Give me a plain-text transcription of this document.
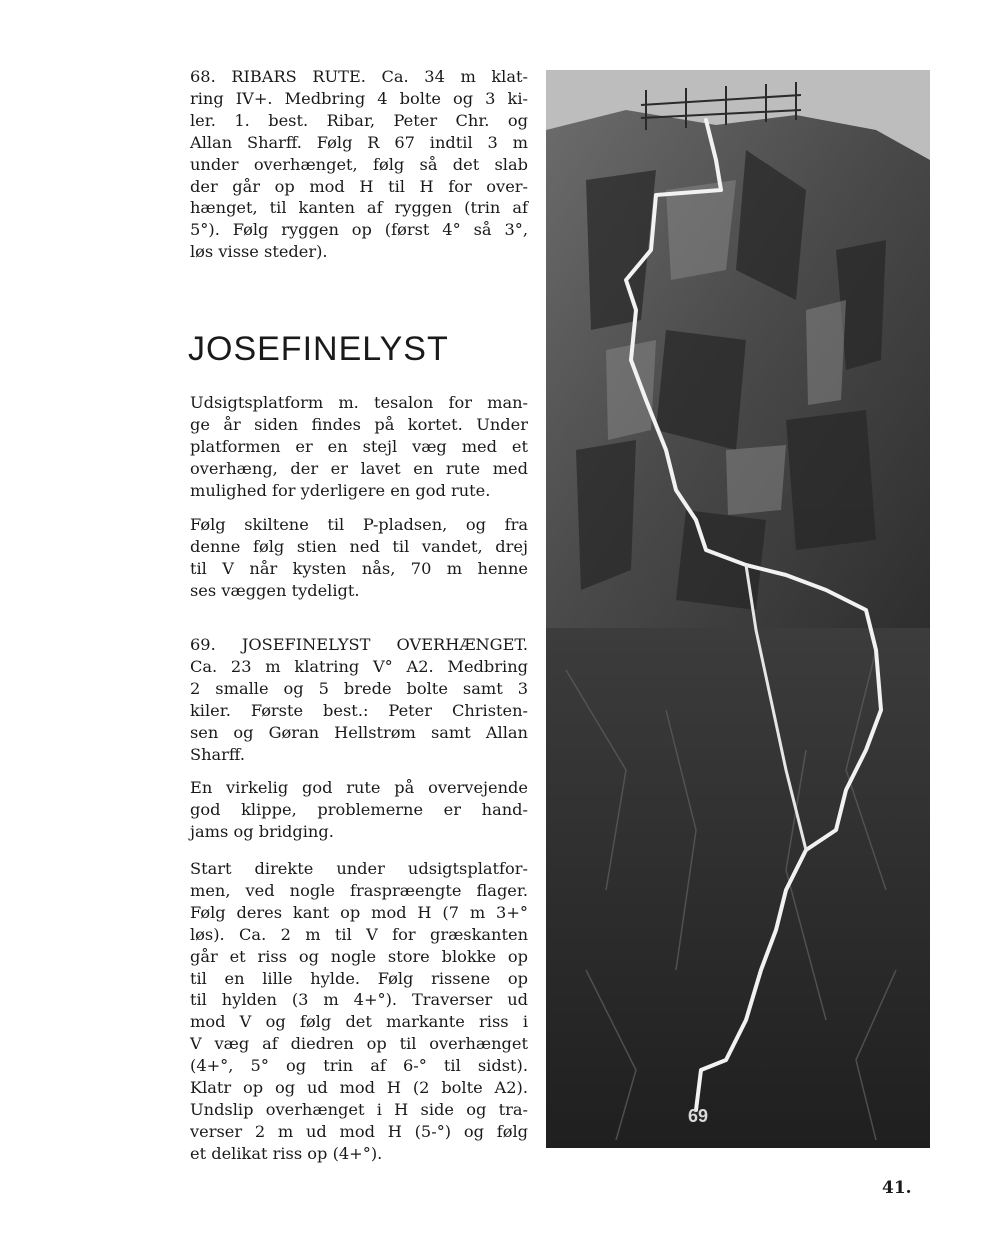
68. RIBARS RUTE. Ca. 34 m klat-
ring IV+. Medbring 4 bolte og 3 ki-
ler. 1. best. Ribar, Peter Chr. og
Allan Sharff. Følg R 67 indtil 3 m
under overhænget, følg så det slab
der går op mod H til H for over-
hænget, til kanten af ryggen (trin af
5°). Følg ryggen op (først 4° så 3°,
løs visse steder).
JOSEFINELYST
Udsigtsplatform m. tesalon for man-
ge år siden findes på kortet. Under
platformen er en stejl væg med et
overhæng, der er lavet en rute med
mulighed for yderligere en god rute.
Følg skiltene til P-pladsen, og fra
denne følg stien ned til vandet, drej
til V når kysten nås, 70 m henne
ses væggen tydeligt.
69. JOSEFINELYST OVERHÆNGET.
Ca. 23 m klatring V° A2. Medbring
2 smalle og 5 brede bolte samt 3
kiler. Første best.: Peter Christen-
sen og Gøran Hellstrøm samt Allan
Sharff.
En virkelig god rute på overvejende
god klippe, problemerne er hand-
jams og bridging.
Start direkte under udsigtsplatfor-
men, ved nogle fraspræengte flager.
Følg deres kant op mod H (7 m 3+°
løs). Ca. 2 m til V for græskanten
går et riss og nogle store blokke op
til en lille hylde. Følg rissene op
til hylden (3 m 4+°). Traverser ud
mod V og følg det markante riss i
V væg af diedren op til overhænget
(4+°, 5° og trin af 6-° til sidst).
Klatr op og ud mod H (2 bolte A2).
Undslip overhænget i H side og tra-
verser 2 m ud mod H (5-°) og følg
et delikat riss op (4+°).
69
41.
